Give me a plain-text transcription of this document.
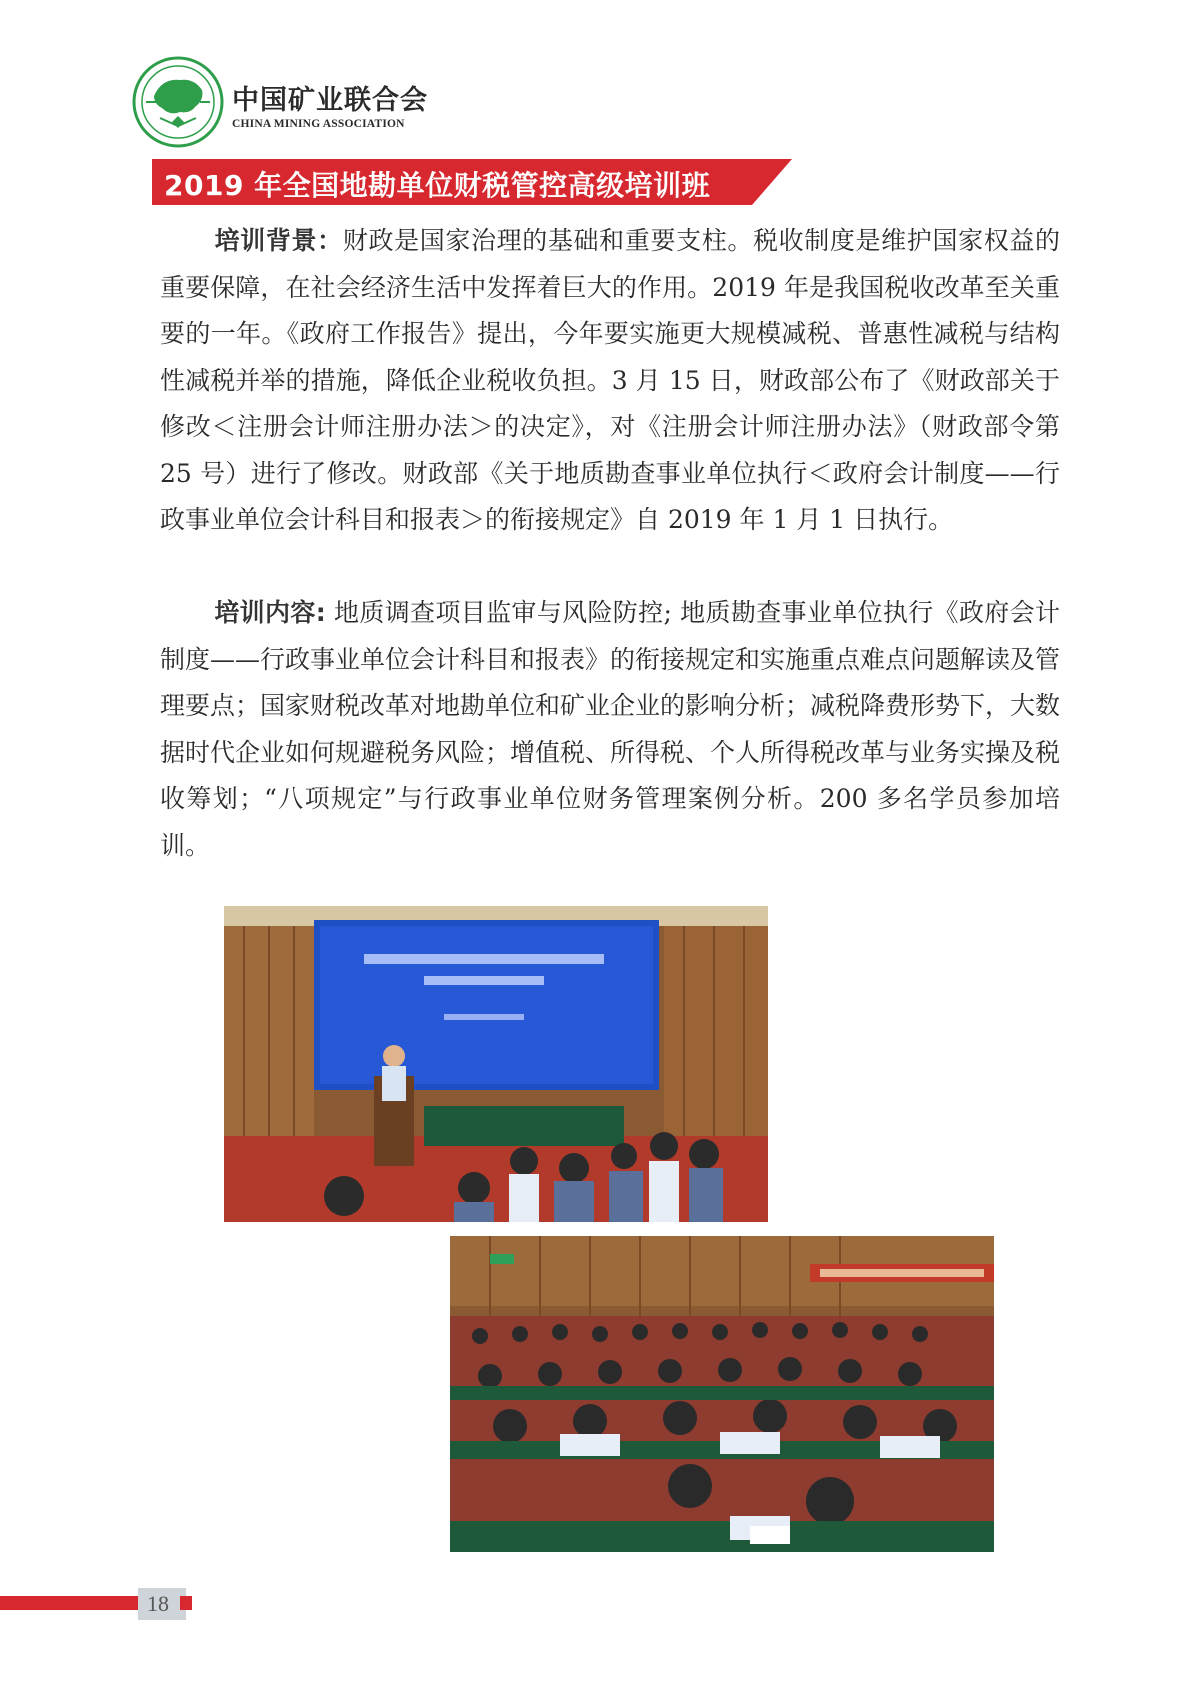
中国矿业联合会
CHINA MINING ASSOCIATION
2019 年全国地勘单位财税管控高级培训班

培训背景：财政是国家治理的基础和重要支柱。税收制度是维护国家权益的重要保障，在社会经济生活中发挥着巨大的作用。2019 年是我国税收改革至关重要的一年。《政府工作报告》提出，今年要实施更大规模减税、普惠性减税与结构性减税并举的措施，降低企业税收负担。3 月 15 日，财政部公布了《财政部关于修改＜注册会计师注册办法＞的决定》，对《注册会计师注册办法》（财政部令第 25 号）进行了修改。财政部《关于地质勘查事业单位执行＜政府会计制度——行政事业单位会计科目和报表＞的衔接规定》自 2019 年 1 月 1 日执行。

培训内容: 地质调查项目监审与风险防控; 地质勘查事业单位执行《政府会计制度——行政事业单位会计科目和报表》的衔接规定和实施重点难点问题解读及管理要点；国家财税改革对地勘单位和矿业企业的影响分析；减税降费形势下，大数据时代企业如何规避税务风险；增值税、所得税、个人所得税改革与业务实操及税收筹划；“八项规定”与行政事业单位财务管理案例分析。200 多名学员参加培训。

18
